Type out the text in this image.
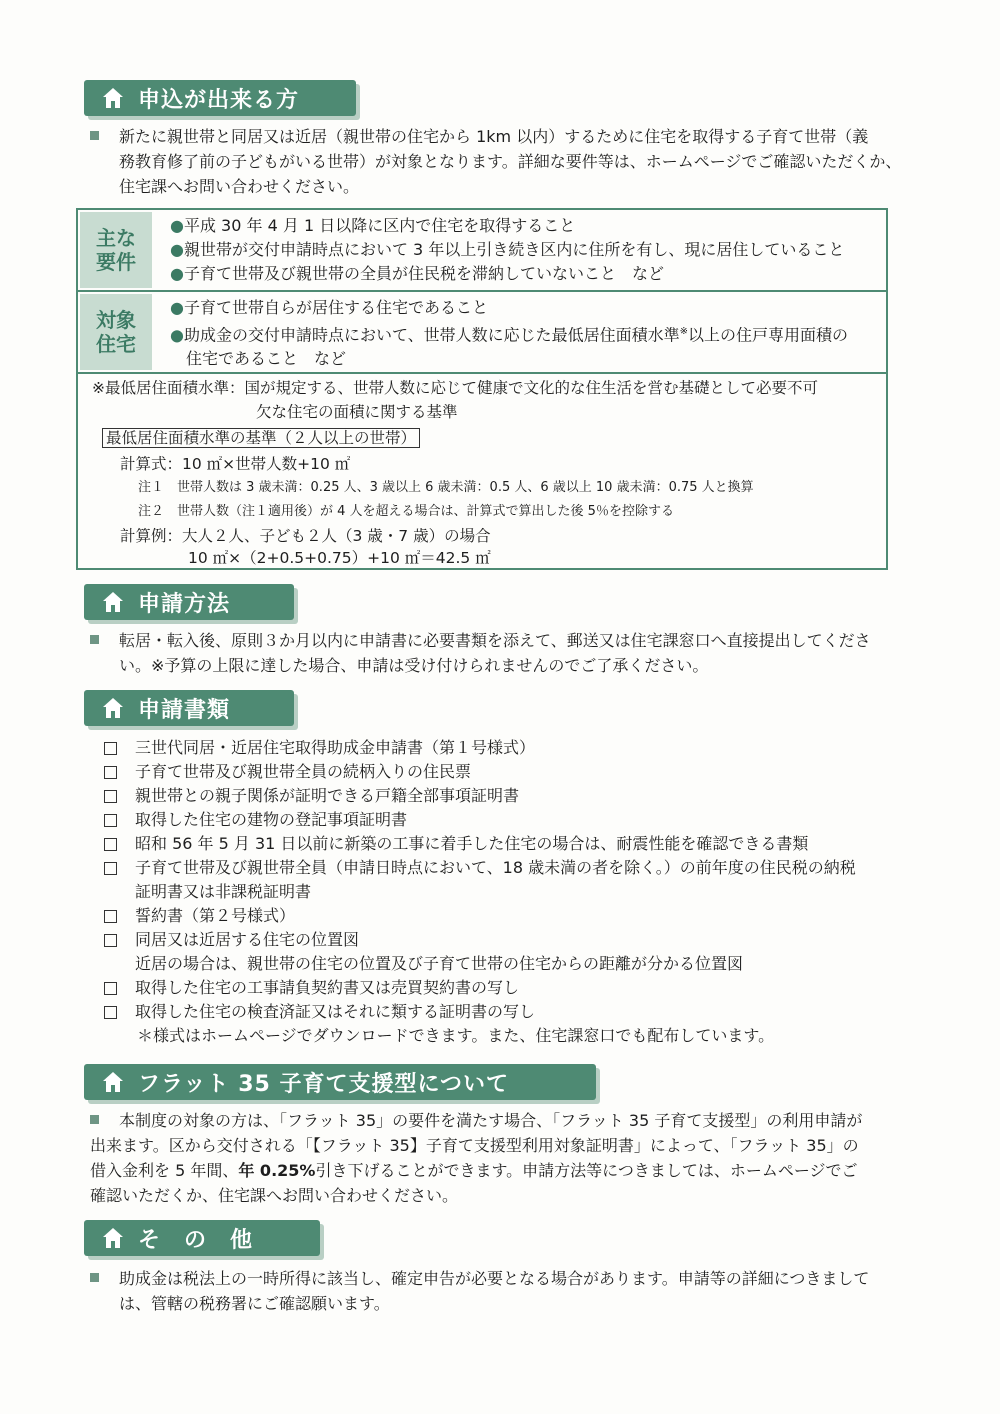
申込が出来る方

新たに親世帯と同居又は近居（親世帯の住宅から 1km 以内）するために住宅を取得する子育て世帯（義
務教育修了前の子どもがいる世帯）が対象となります。詳細な要件等は、ホームページでご確認いただくか、
住宅課へお問い合わせください。

主な
要件
●平成 30 年 4 月 1 日以降に区内で住宅を取得すること
●親世帯が交付申請時点において 3 年以上引き続き区内に住所を有し、現に居住していること
●子育て世帯及び親世帯の全員が住民税を滞納していないこと　など
対象
住宅
●子育て世帯自らが居住する住宅であること
●助成金の交付申請時点において、世帯人数に応じた最低居住面積水準※以上の住戸専用面積の
住宅であること　など
※最低居住面積水準：国が規定する、世帯人数に応じて健康で文化的な住生活を営む基礎として必要不可
欠な住宅の面積に関する基準
最低居住面積水準の基準（２人以上の世帯）
計算式：10 ㎡×世帯人数+10 ㎡
注１　世帯人数は 3 歳未満：0.25 人、3 歳以上 6 歳未満：0.5 人、6 歳以上 10 歳未満：0.75 人と換算
注２　世帯人数（注１適用後）が 4 人を超える場合は、計算式で算出した後 5％を控除する
計算例：大人２人、子ども２人（3 歳・7 歳）の場合
10 ㎡×（2+0.5+0.75）+10 ㎡＝42.5 ㎡
申請方法

転居・転入後、原則３か月以内に申請書に必要書類を添えて、郵送又は住宅課窓口へ直接提出してくださ
い。※予算の上限に達した場合、申請は受け付けられませんのでご了承ください。

申請書類
三世代同居・近居住宅取得助成金申請書（第１号様式）
子育て世帯及び親世帯全員の続柄入りの住民票
親世帯との親子関係が証明できる戸籍全部事項証明書
取得した住宅の建物の登記事項証明書
昭和 56 年 5 月 31 日以前に新築の工事に着手した住宅の場合は、耐震性能を確認できる書類
子育て世帯及び親世帯全員（申請日時点において、18 歳未満の者を除く。）の前年度の住民税の納税
証明書又は非課税証明書
誓約書（第２号様式）
同居又は近居する住宅の位置図
近居の場合は、親世帯の住宅の位置及び子育て世帯の住宅からの距離が分かる位置図
取得した住宅の工事請負契約書又は売買契約書の写し
取得した住宅の検査済証又はそれに類する証明書の写し
＊様式はホームページでダウンロードできます。また、住宅課窓口でも配布しています。
フラット 35 子育て支援型について

本制度の対象の方は、「フラット 35」の要件を満たす場合、「フラット 35 子育て支援型」の利用申請が
出来ます。区から交付される「【フラット 35】子育て支援型利用対象証明書」によって、「フラット 35」の
借入金利を 5 年間、年 0.25%引き下げることができます。申請方法等につきましては、ホームページでご
確認いただくか、住宅課へお問い合わせください。

そ　の　他

助成金は税法上の一時所得に該当し、確定申告が必要となる場合があります。申請等の詳細につきまして
は、管轄の税務署にご確認願います。
